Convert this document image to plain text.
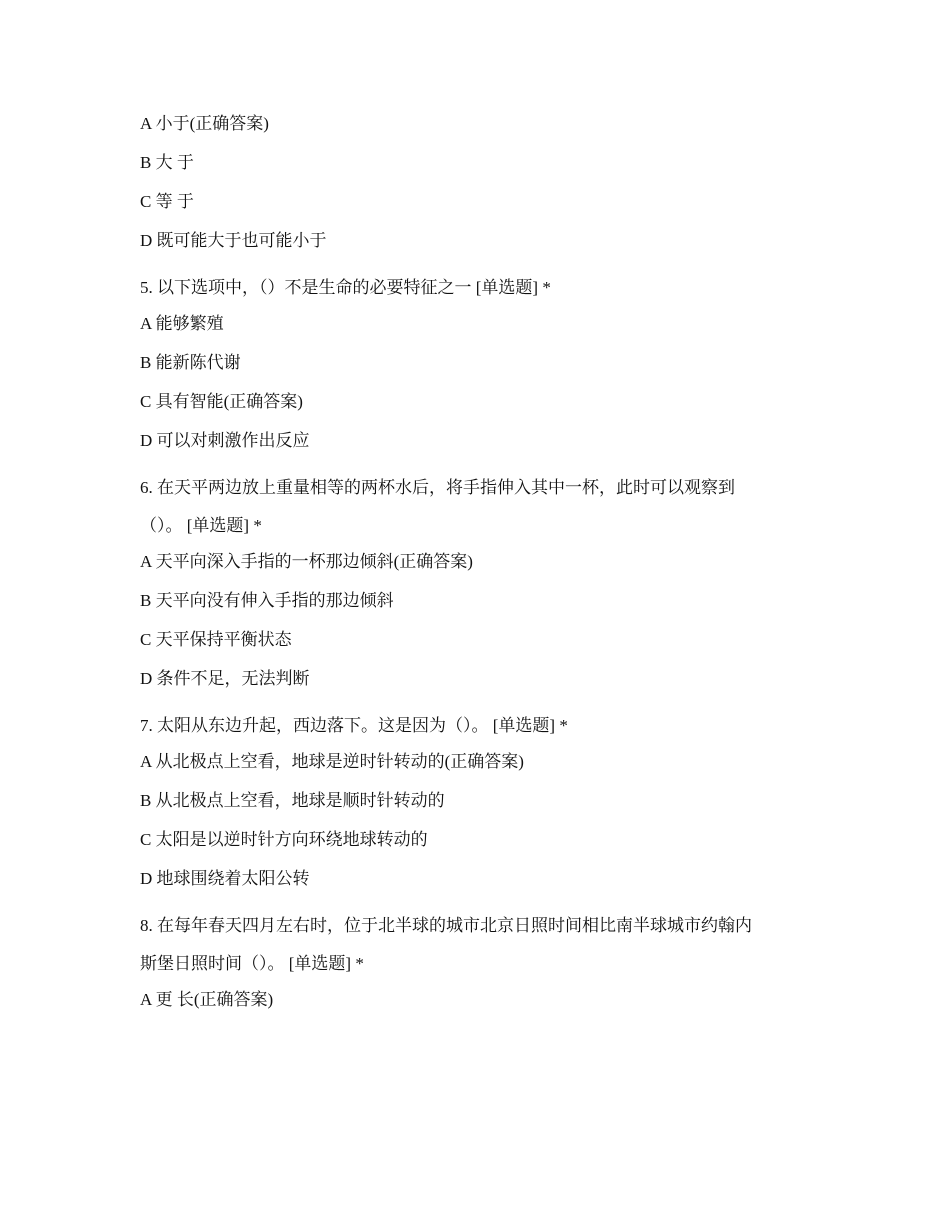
A 小于(正确答案)
B 大 于
C 等 于
D 既可能大于也可能小于
5. 以下选项中，（）不是生命的必要特征之一 [单选题] *
A 能够繁殖
B 能新陈代谢
C 具有智能(正确答案)
D 可以对刺激作出反应
6. 在天平两边放上重量相等的两杯水后，将手指伸入其中一杯，此时可以观察到
（）。 [单选题] *
A 天平向深入手指的一杯那边倾斜(正确答案)
B 天平向没有伸入手指的那边倾斜
C 天平保持平衡状态
D 条件不足，无法判断
7. 太阳从东边升起，西边落下。这是因为（）。 [单选题] *
A 从北极点上空看，地球是逆时针转动的(正确答案)
B 从北极点上空看，地球是顺时针转动的
C 太阳是以逆时针方向环绕地球转动的
D 地球围绕着太阳公转
8. 在每年春天四月左右时，位于北半球的城市北京日照时间相比南半球城市约翰内
斯堡日照时间（）。 [单选题] *
A 更 长(正确答案)
